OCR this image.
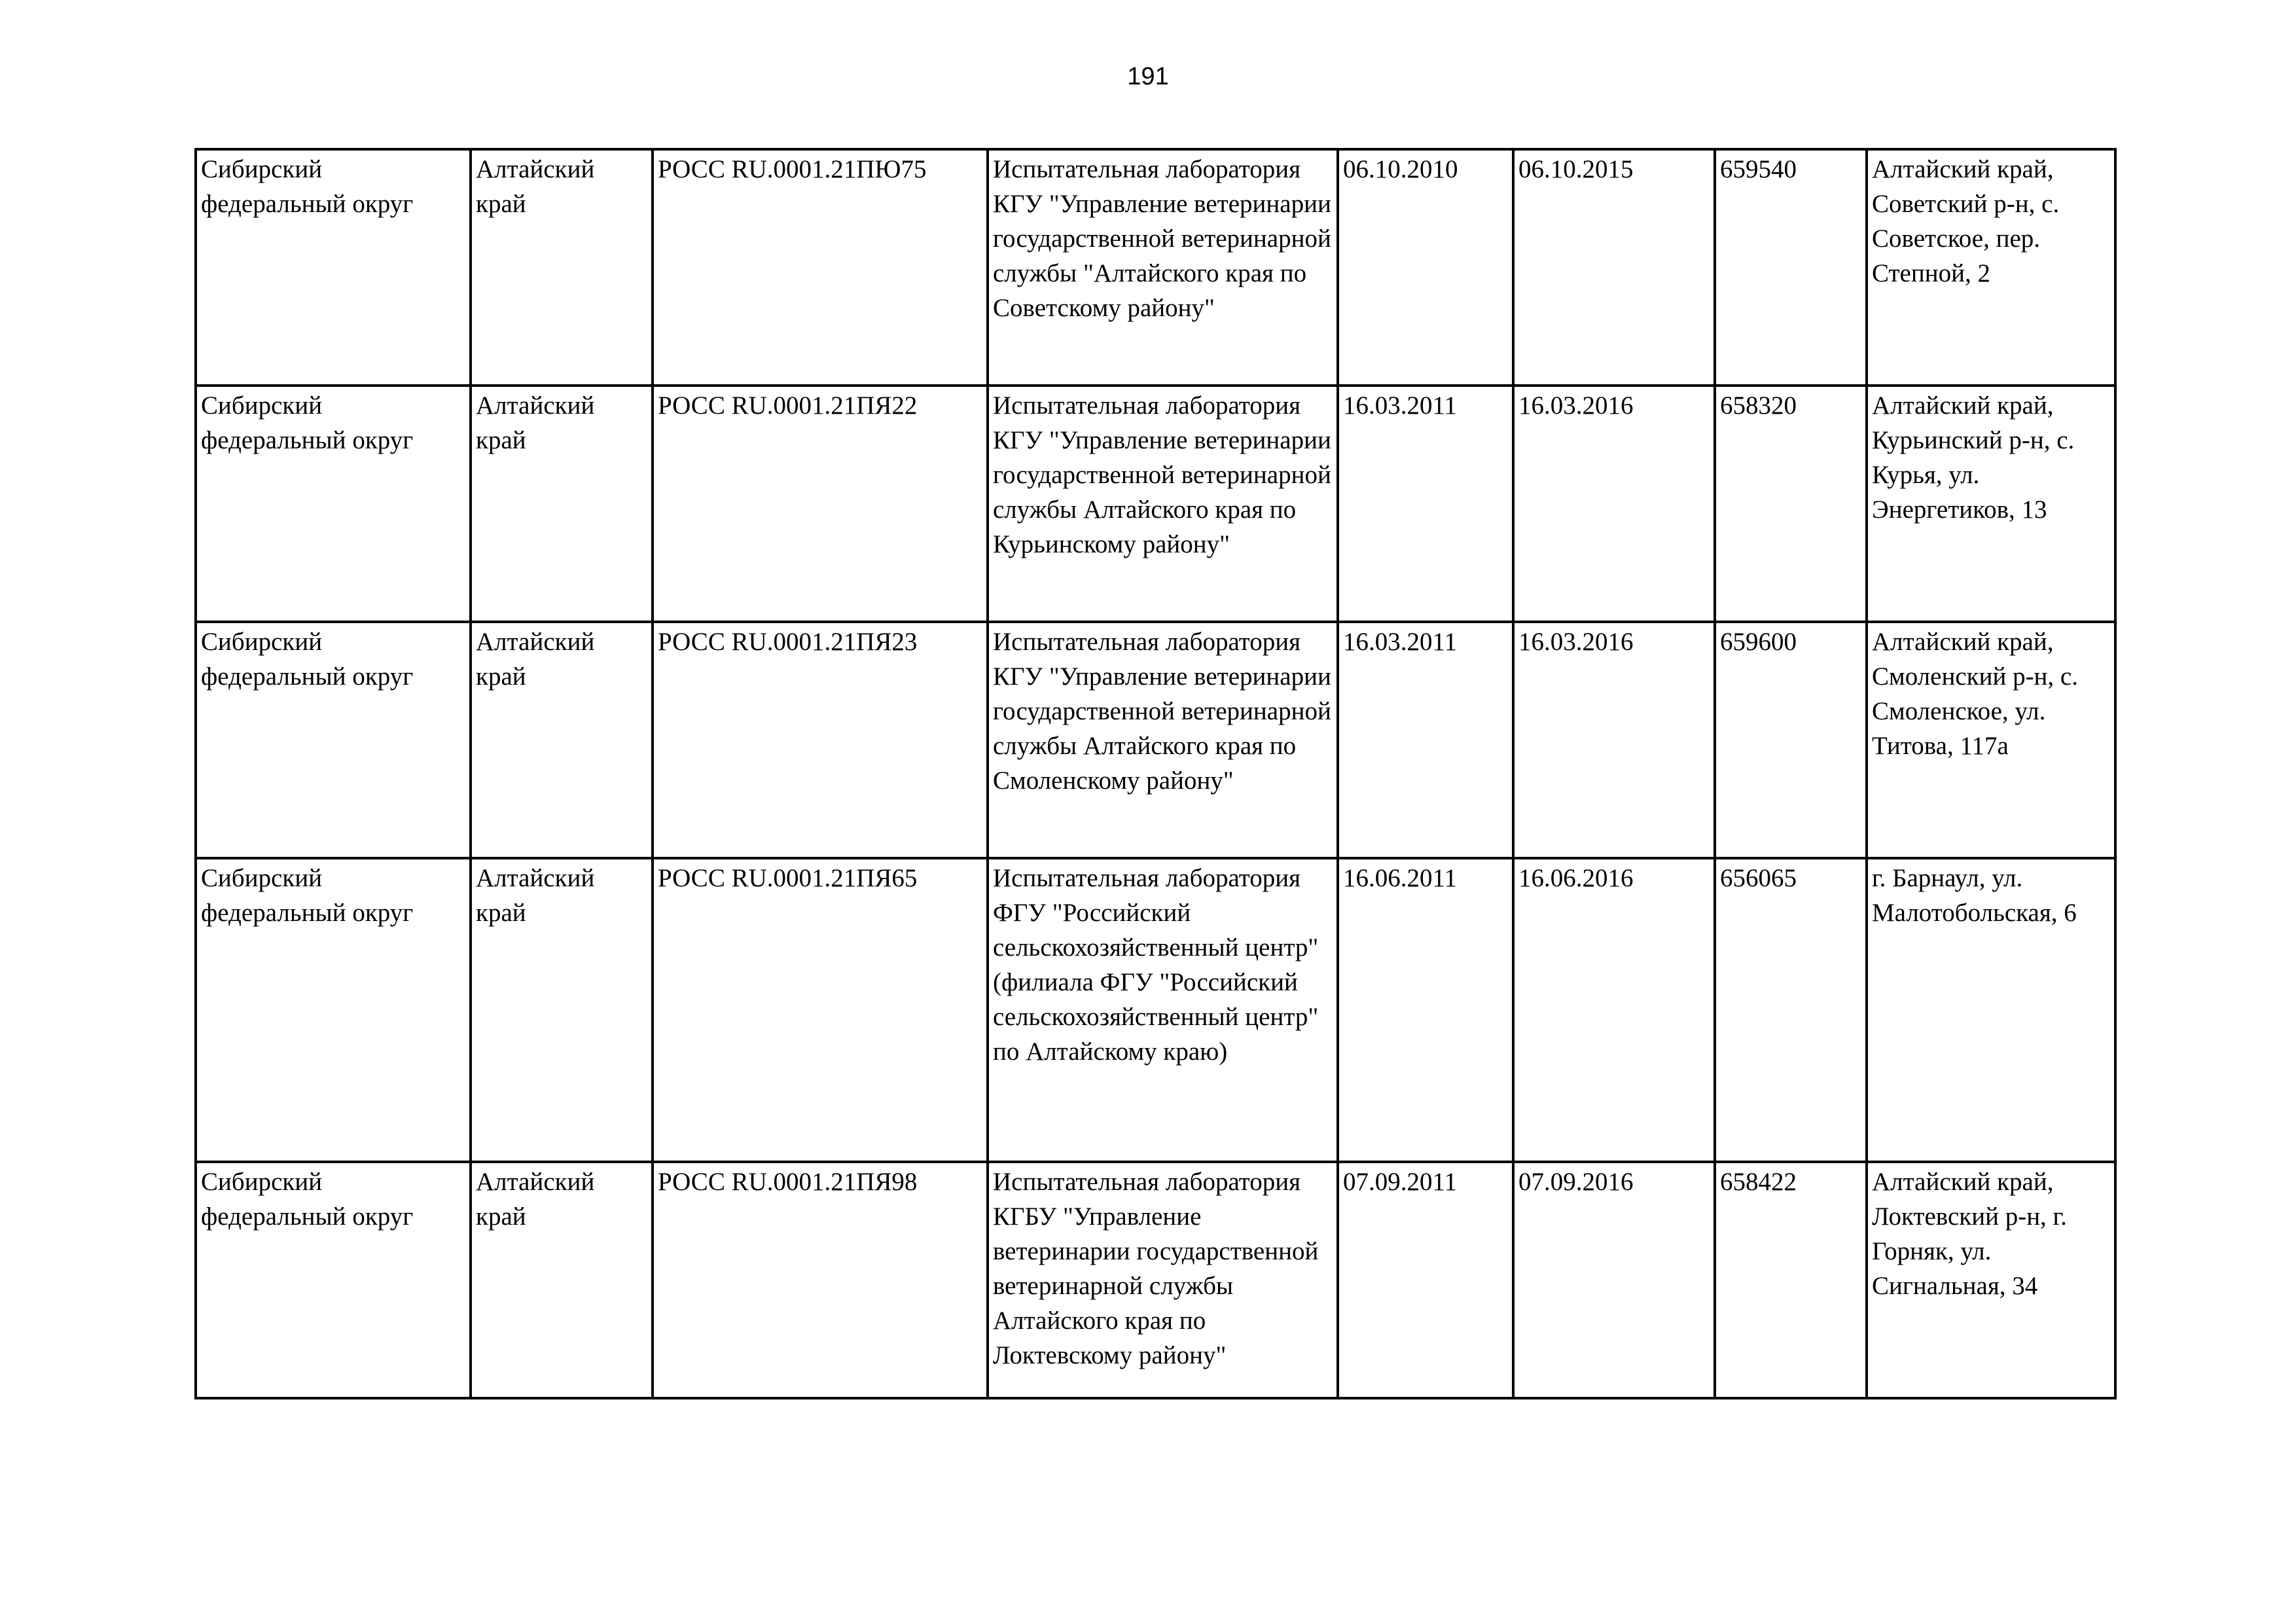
191
Сибирский федеральный округ	Алтайский край	РОСС RU.0001.21ПЮ75	Испытательная лаборатория КГУ "Управление ветеринарии государственной ветеринарной службы "Алтайского края по Советскому району"	06.10.2010	06.10.2015	659540	Алтайский край, Советский р-н, с. Советское, пер. Степной, 2

Сибирский федеральный округ	Алтайский край	РОСС RU.0001.21ПЯ22	Испытательная лаборатория КГУ "Управление ветеринарии государственной ветеринарной службы Алтайского края по Курьинскому району"	16.03.2011	16.03.2016	658320	Алтайский край, Курьинский р-н, с. Курья, ул. Энергетиков, 13

Сибирский федеральный округ	Алтайский край	РОСС RU.0001.21ПЯ23	Испытательная лаборатория КГУ "Управление ветеринарии государственной ветеринарной службы Алтайского края по Смоленскому району"	16.03.2011	16.03.2016	659600	Алтайский край, Смоленский р-н, с. Смоленское, ул. Титова, 117а

Сибирский федеральный округ	Алтайский край	РОСС RU.0001.21ПЯ65	Испытательная лаборатория ФГУ "Российский сельскохозяйственный центр" (филиала ФГУ "Российский сельскохозяйственный центр" по Алтайскому краю)	16.06.2011	16.06.2016	656065	г. Барнаул, ул. Малотобольская, 6

Сибирский федеральный округ	Алтайский край	РОСС RU.0001.21ПЯ98	Испытательная лаборатория КГБУ "Управление ветеринарии государственной ветеринарной службы Алтайского края по Локтевскому району"	07.09.2011	07.09.2016	658422	Алтайский край, Локтевский р-н, г. Горняк, ул. Сигнальная, 34
